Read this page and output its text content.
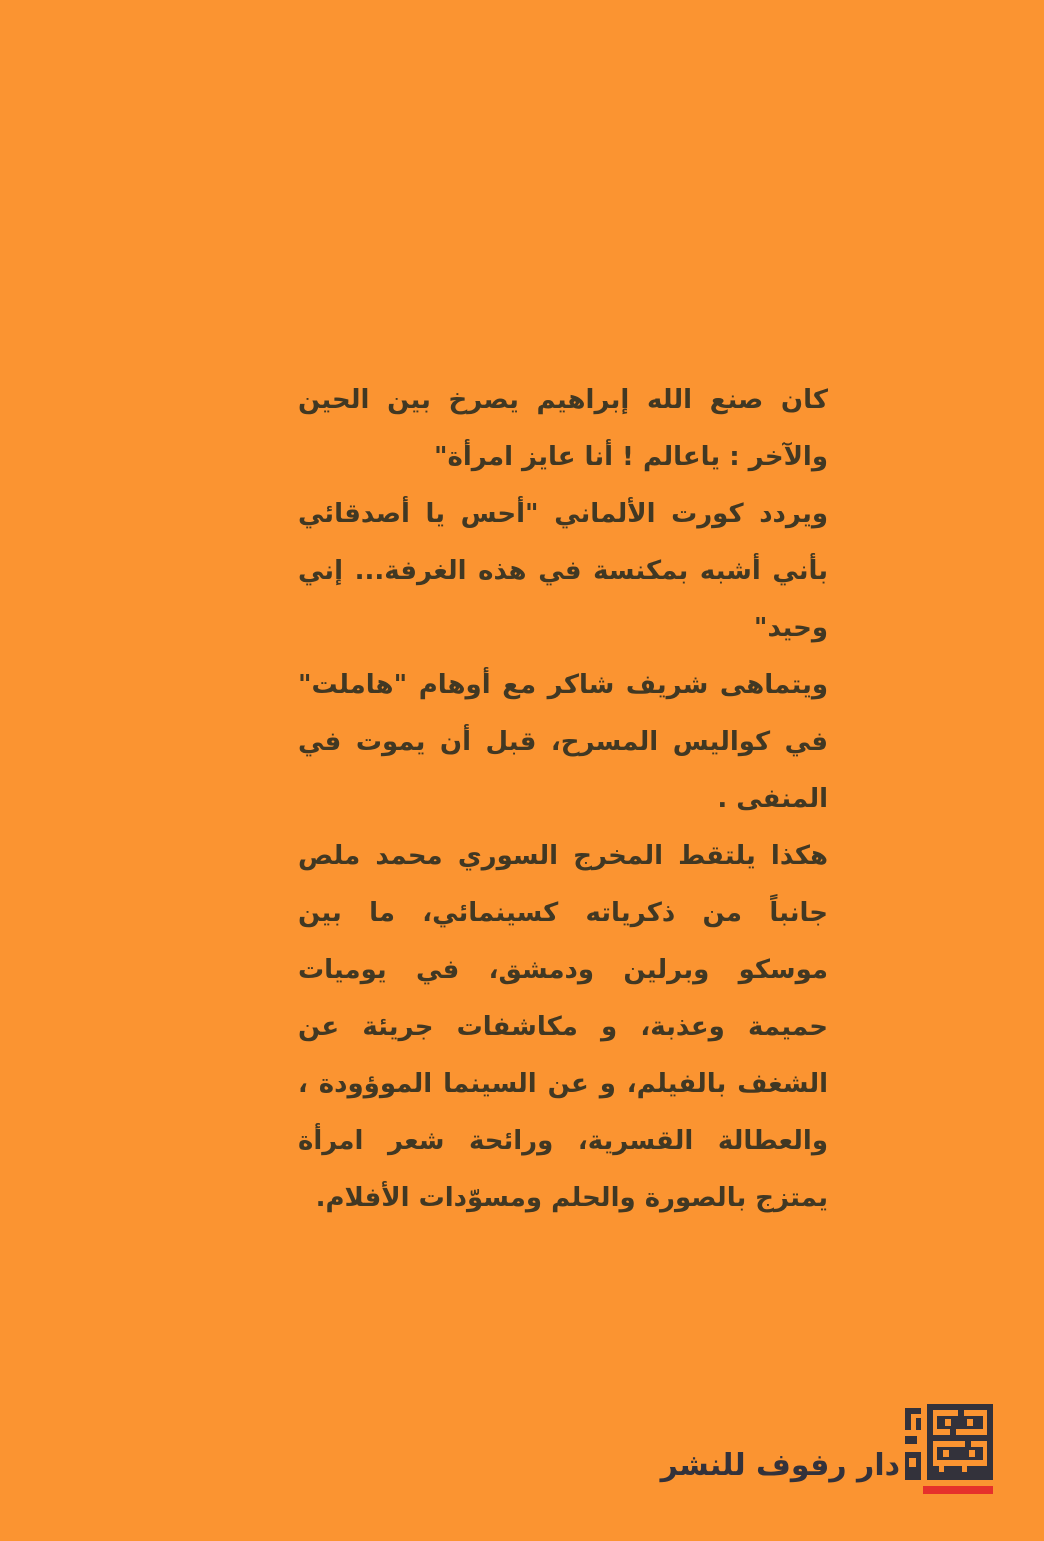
كان صنع الله إبراهيم يصرخ بين الحين والآخر : ياعالم ! أنا عايز امرأة"

ويردد كورت الألماني "أحس يا أصدقائي بأني أشبه بمكنسة في هذه الغرفة... إني وحيد"

ويتماهى شريف شاكر مع أوهام "هاملت" في كواليس المسرح، قبل أن يموت في المنفى .

هكذا يلتقط المخرج السوري محمد ملص جانباً من ذكرياته كسينمائي، ما بين موسكو وبرلين ودمشق، في يوميات حميمة وعذبة، و مكاشفات جريئة عن الشغف بالفيلم، و عن السينما الموؤودة ، والعطالة القسرية، ورائحة شعر امرأة يمتزج بالصورة والحلم ومسوّدات الأفلام.

دار رفوف للنشر
